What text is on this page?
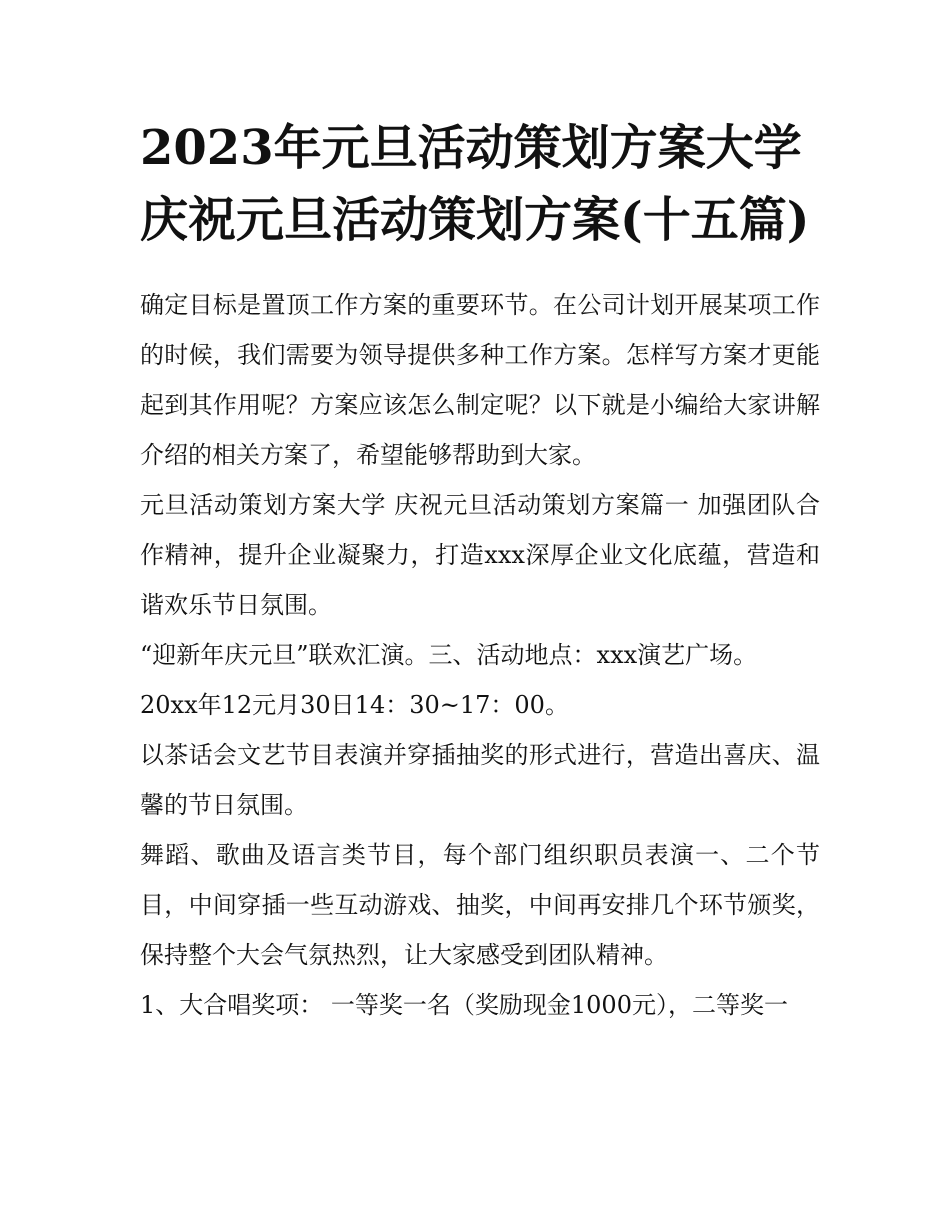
2023年元旦活动策划方案大学 庆祝元旦活动策划方案(十五篇)

确定目标是置顶工作方案的重要环节。在公司计划开展某项工作的时候，我们需要为领导提供多种工作方案。怎样写方案才更能起到其作用呢？方案应该怎么制定呢？以下就是小编给大家讲解介绍的相关方案了，希望能够帮助到大家。

元旦活动策划方案大学 庆祝元旦活动策划方案篇一 加强团队合作精神，提升企业凝聚力，打造xxx深厚企业文化底蕴，营造和谐欢乐节日氛围。

“迎新年庆元旦”联欢汇演。三、活动地点：xxx演艺广场。

20xx年12元月30日14：30~17：00。

以茶话会文艺节目表演并穿插抽奖的形式进行，营造出喜庆、温馨的节日氛围。

舞蹈、歌曲及语言类节目，每个部门组织职员表演一、二个节目，中间穿插一些互动游戏、抽奖，中间再安排几个环节颁奖，保持整个大会气氛热烈，让大家感受到团队精神。

1、大合唱奖项： 一等奖一名（奖励现金1000元），二等奖一
